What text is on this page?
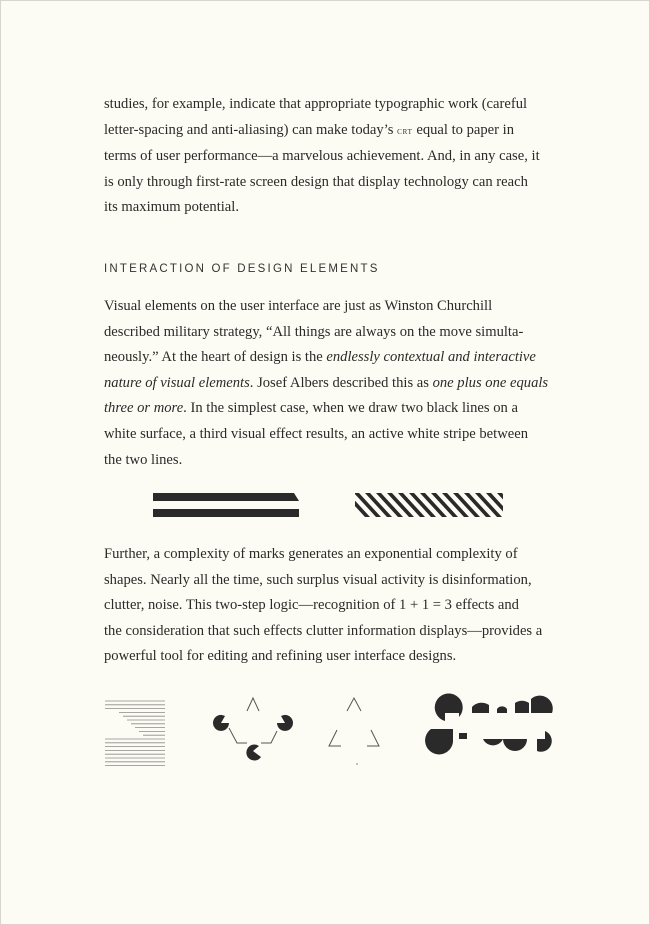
studies, for example, indicate that appropriate typographic work (careful
letter-spacing and anti-aliasing) can make today’s crt equal to paper in
terms of user performance—a marvelous achievement. And, in any case, it
is only through first-rate screen design that display technology can reach
its maximum potential.

INTERACTION OF DESIGN ELEMENTS

Visual elements on the user interface are just as Winston Churchill
described military strategy, “All things are always on the move simulta-
neously.” At the heart of design is the endlessly contextual and interactive
nature of visual elements. Josef Albers described this as one plus one equals
three or more. In the simplest case, when we draw two black lines on a
white surface, a third visual effect results, an active white stripe between
the two lines.

Further, a complexity of marks generates an exponential complexity of
shapes. Nearly all the time, such surplus visual activity is disinformation,
clutter, noise. This two-step logic—recognition of 1 + 1 = 3 effects and
the consideration that such effects clutter information displays—provides a
powerful tool for editing and refining user interface designs.
